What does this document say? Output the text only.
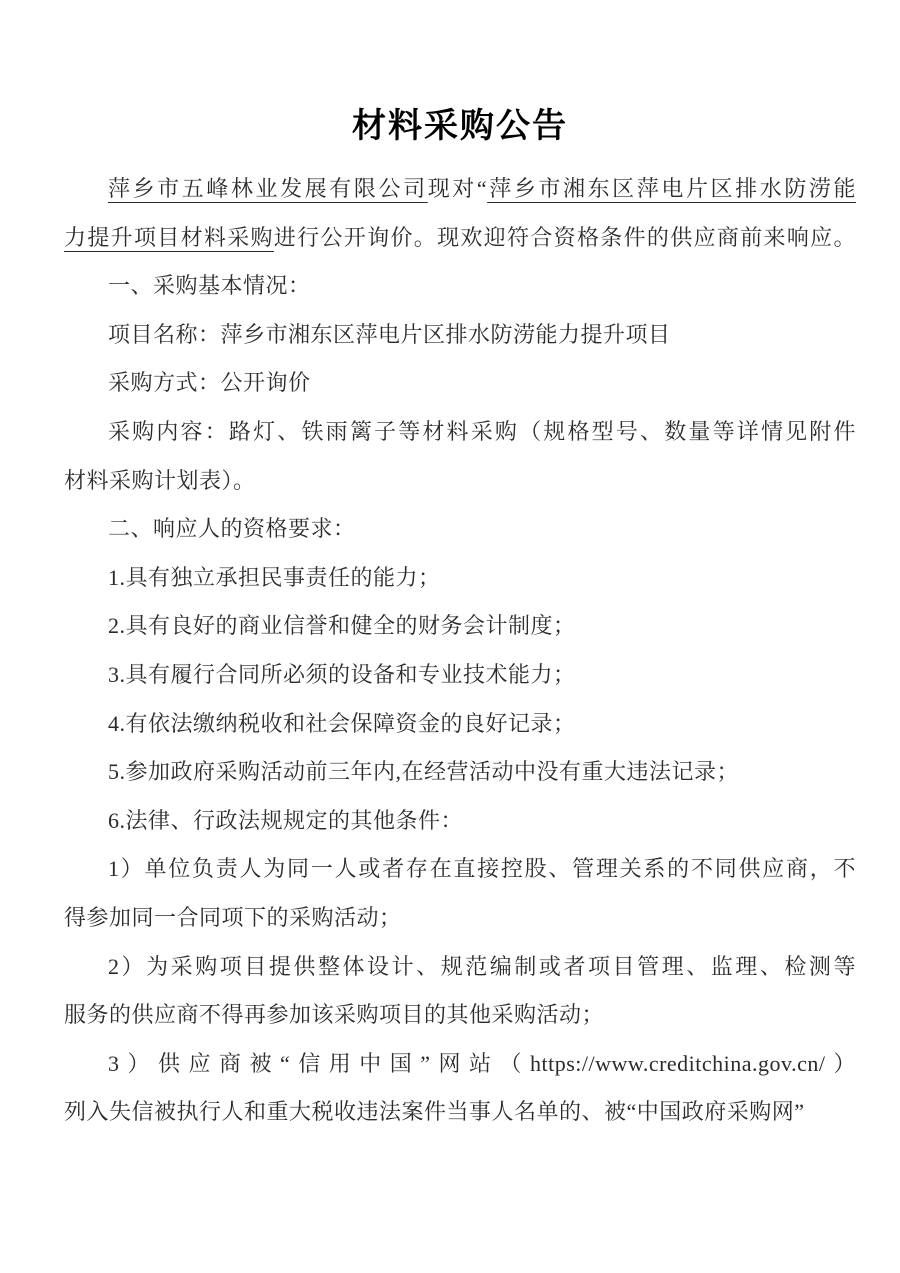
材料采购公告
萍乡市五峰林业发展有限公司现对“萍乡市湘东区萍电片区排水防涝能
力提升项目材料采购进行公开询价。现欢迎符合资格条件的供应商前来响应。
一、采购基本情况：
项目名称：萍乡市湘东区萍电片区排水防涝能力提升项目
采购方式：公开询价
采购内容：路灯、铁雨篱子等材料采购（规格型号、数量等详情见附件
材料采购计划表）。
二、响应人的资格要求：
1.具有独立承担民事责任的能力；
2.具有良好的商业信誉和健全的财务会计制度；
3.具有履行合同所必须的设备和专业技术能力；
4.有依法缴纳税收和社会保障资金的良好记录；
5.参加政府采购活动前三年内,在经营活动中没有重大违法记录；
6.法律、行政法规规定的其他条件：
1）单位负责人为同一人或者存在直接控股、管理关系的不同供应商，不
得参加同一合同项下的采购活动；
2）为采购项目提供整体设计、规范编制或者项目管理、监理、检测等
服务的供应商不得再参加该采购项目的其他采购活动；
3）供应商被“信用中国”网站（https://www.creditchina.gov.cn/）
列入失信被执行人和重大税收违法案件当事人名单的、被“中国政府采购网”
